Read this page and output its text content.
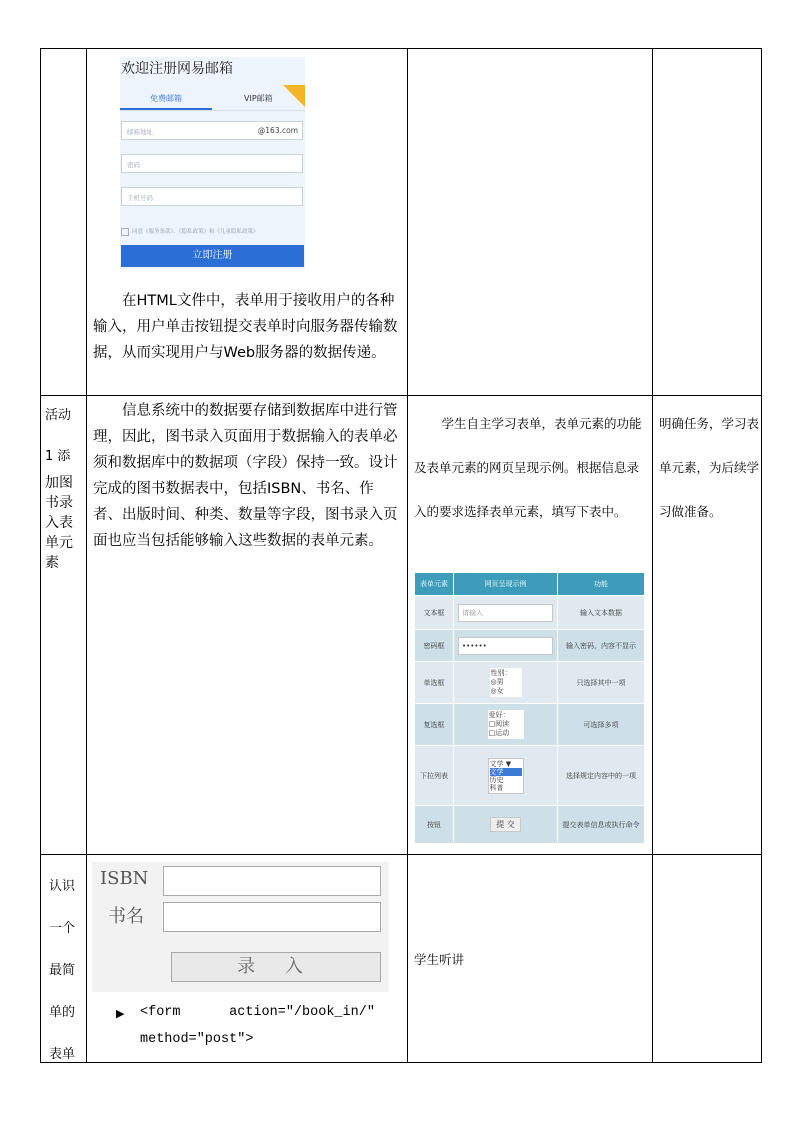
欢迎注册网易邮箱
免费邮箱	VIP邮箱
邮箱地址	@163.com
密码
手机号码
同意《服务条款》、《隐私政策》和《儿童隐私政策》
立即注册
在HTML文件中，表单用于接收用户的各种输入，用户单击按钮提交表单时向服务器传输数据，从而实现用户与Web服务器的数据传递。
活动
1 添
加图
书录
入表
单元
素
信息系统中的数据要存储到数据库中进行管理，因此，图书录入页面用于数据输入的表单必须和数据库中的数据项（字段）保持一致。设计完成的图书数据表中，包括ISBN、书名、作者、出版时间、种类、数量等字段，图书录入页面也应当包括能够输入这些数据的表单元素。
学生自主学习表单，表单元素的功能及表单元素的网页呈现示例。根据信息录入的要求选择表单元素，填写下表中。
明确任务，学习表单元素，为后续学习做准备。
表单元素	网页呈现示例	功能
文本框	请输入	输入文本数据
密码框	••••••	输入密码，内容不显示
单选框	性别：
◎男
◎女	只选择其中一项
复选框	爱好：
□阅读
□运动	可选择多项
下拉列表	文学 ▼

文学
历史
科普	选择规定内容中的一项
按钮	提 交	提交表单信息或执行命令
认识
一个
最简
单的
表单
ISBN
书名
录 入
▶ <form      action="/book_in/"
method="post">
学生听讲
